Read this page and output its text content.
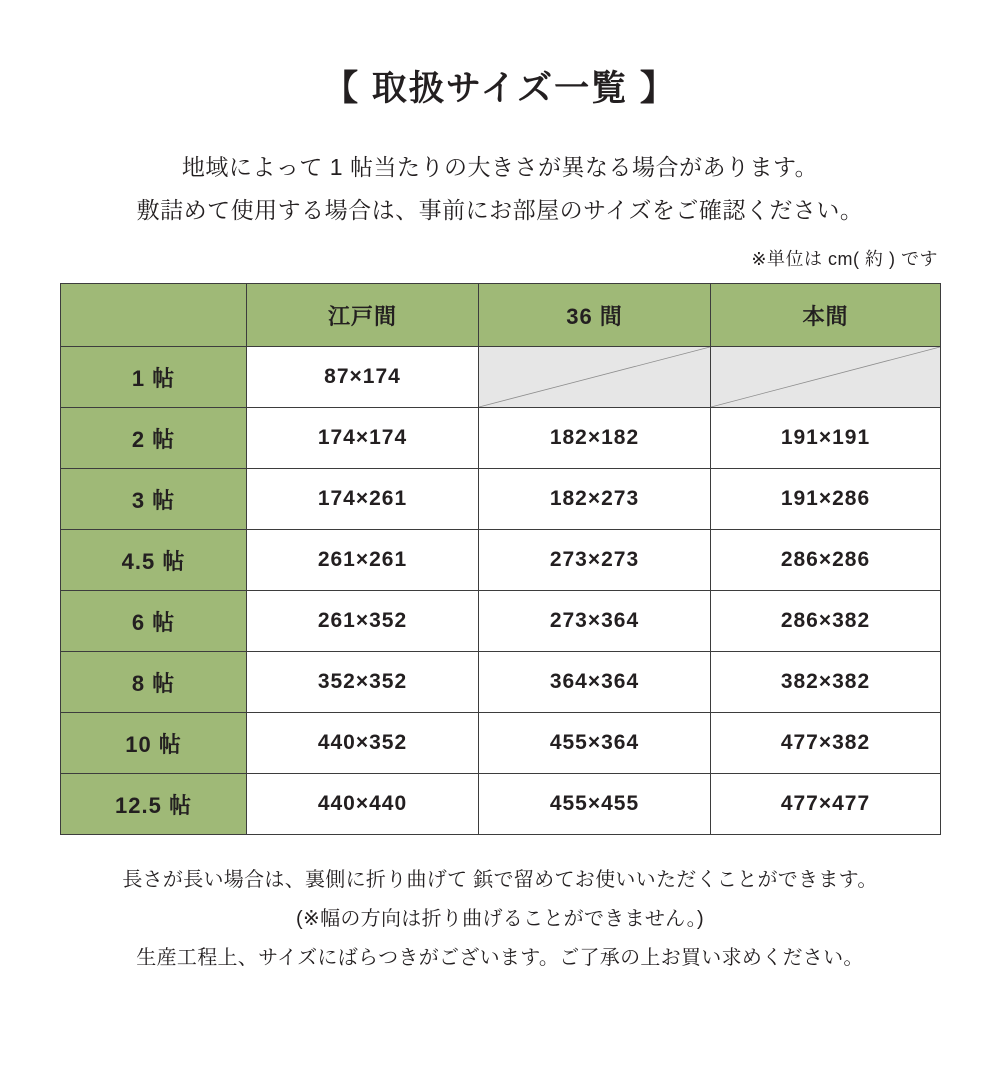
【 取扱サイズ一覧 】
地域によって 1 帖当たりの大きさが異なる場合があります。
敷詰めて使用する場合は、事前にお部屋のサイズをご確認ください。
※単位は cm( 約 ) です
	江戸間	36 間	本間
1 帖	87×174	

2 帖	174×174	182×182	191×191
3 帖	174×261	182×273	191×286
4.5 帖	261×261	273×273	286×286
6 帖	261×352	273×364	286×382
8 帖	352×352	364×364	382×382
10 帖	440×352	455×364	477×382
12.5 帖	440×440	455×455	477×477
長さが長い場合は、裏側に折り曲げて 鋲で留めてお使いいただくことができます。
(※幅の方向は折り曲げることができません。)
生産工程上、サイズにばらつきがございます。ご了承の上お買い求めください。
